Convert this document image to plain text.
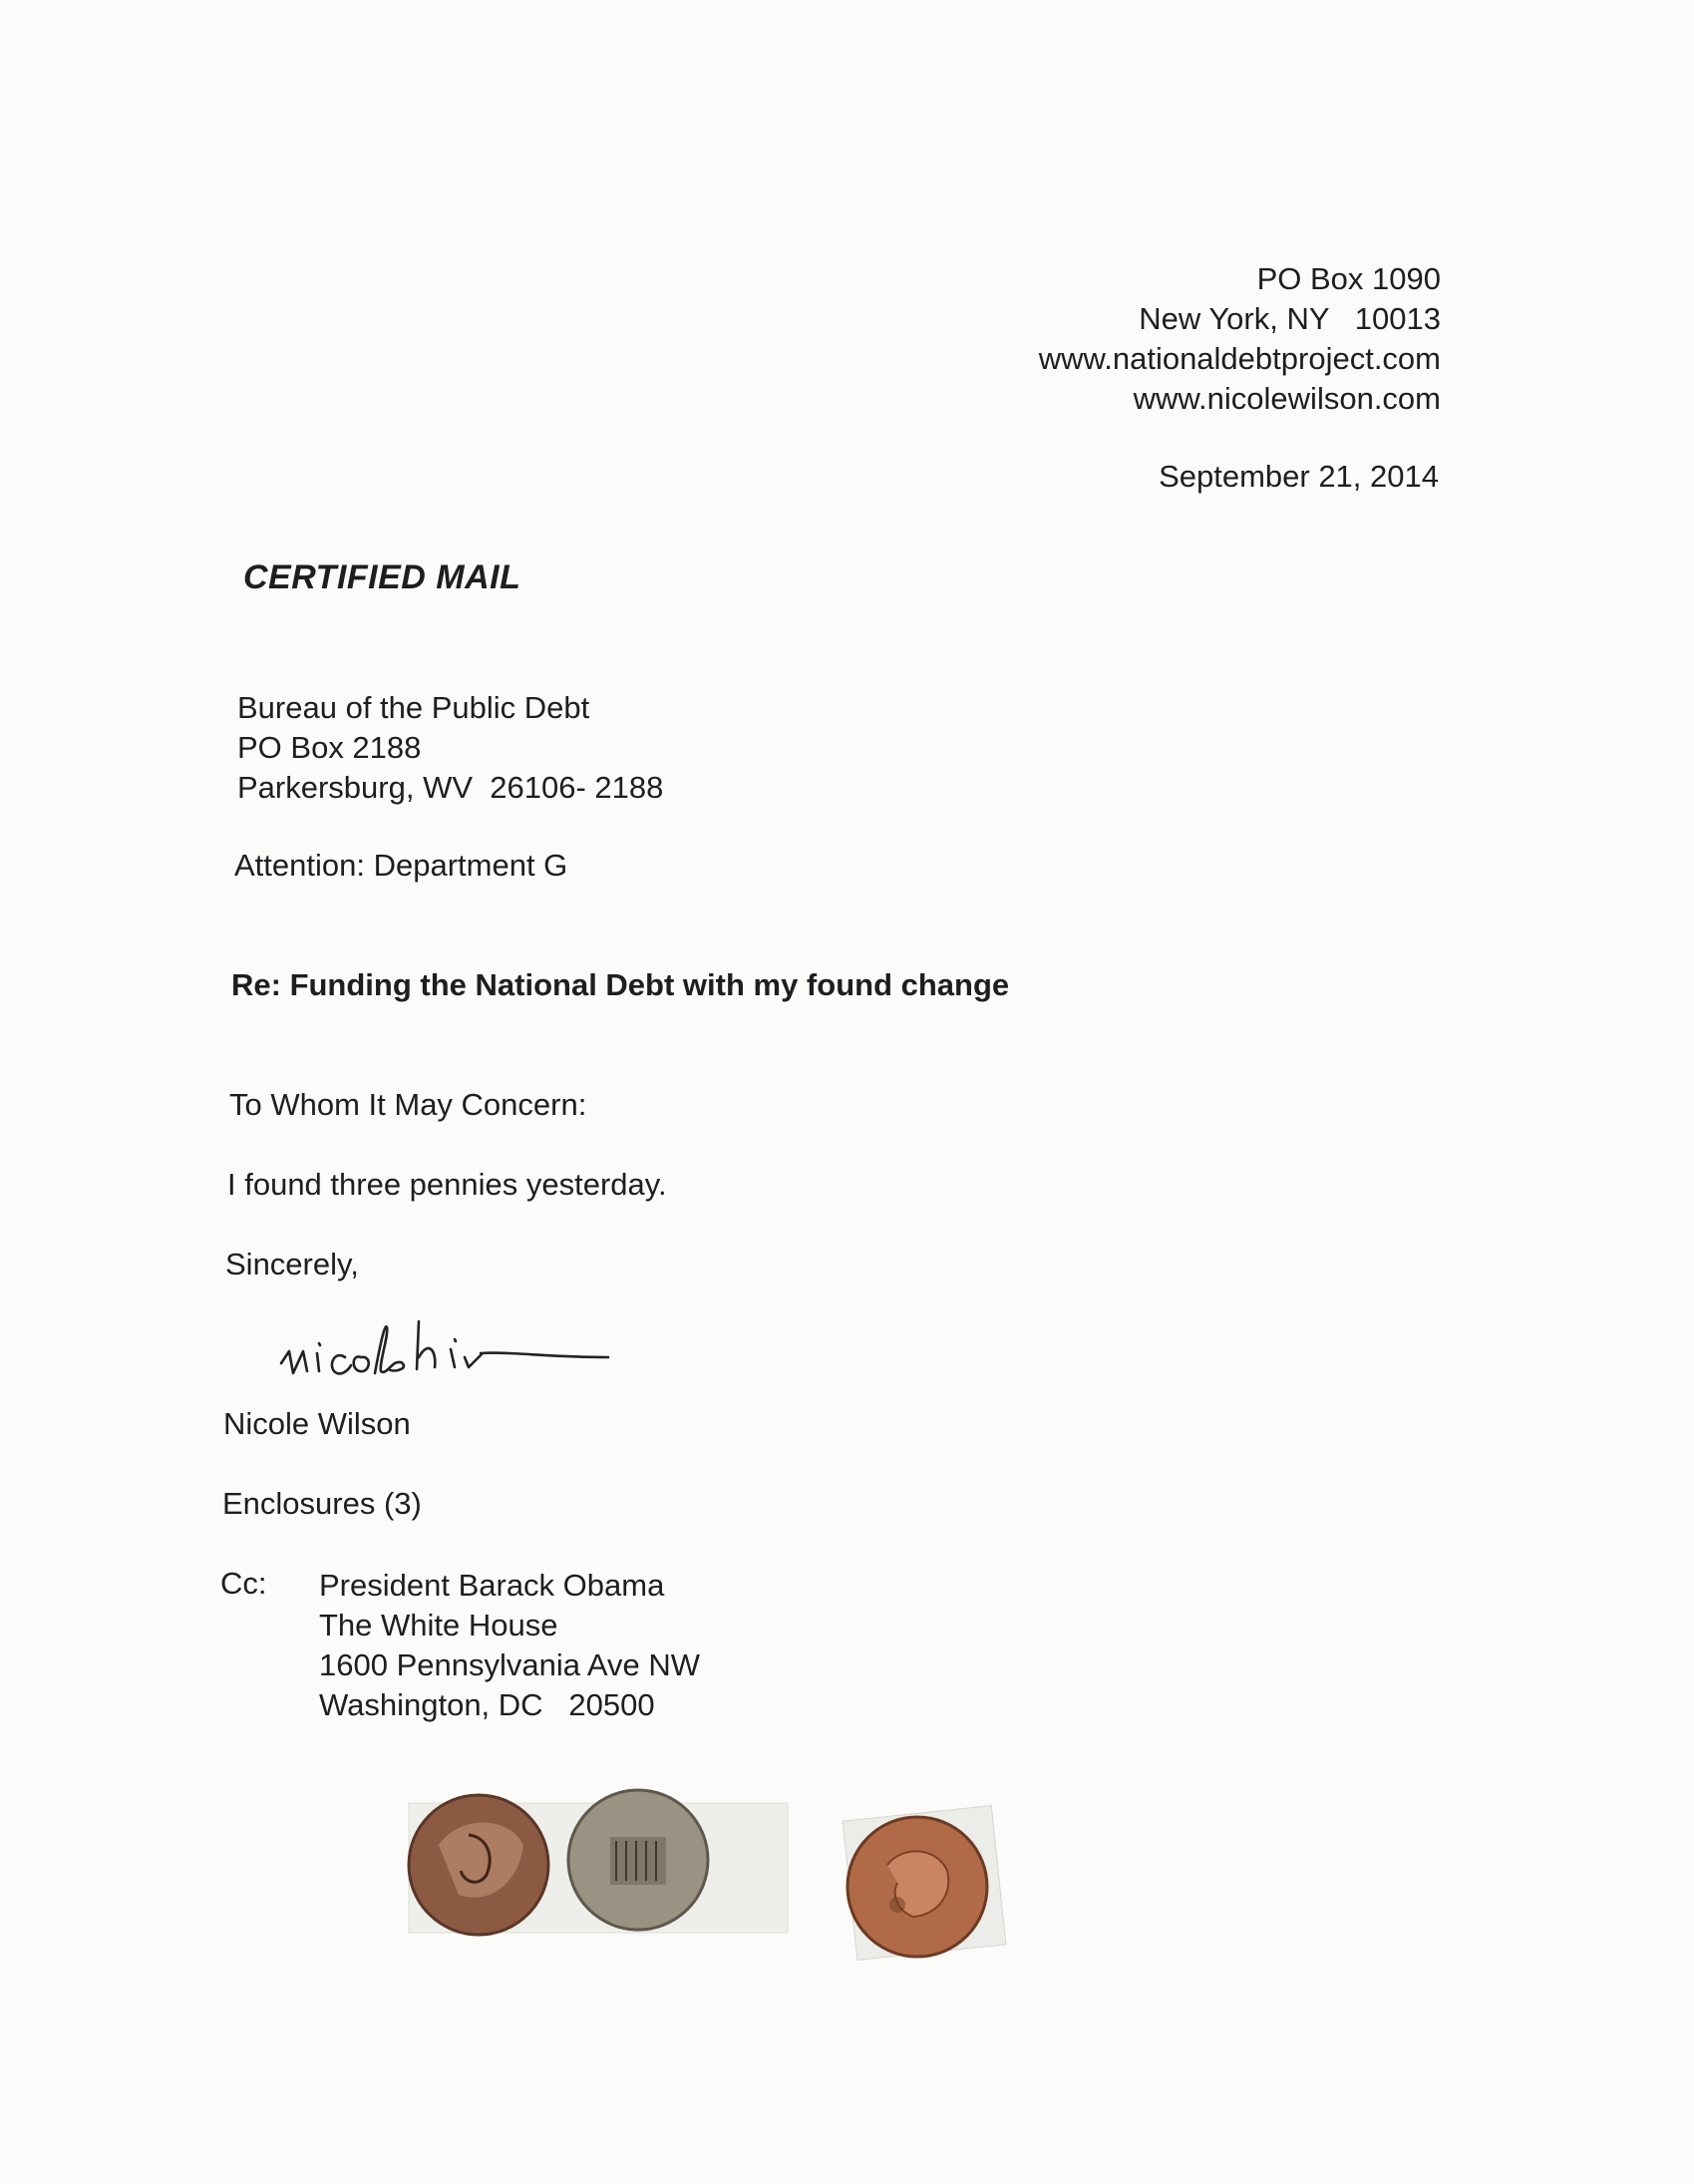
PO Box 1090
New York, NY   10013
www.nationaldebtproject.com
www.nicolewilson.com
September 21, 2014
CERTIFIED MAIL
Bureau of the Public Debt
PO Box 2188
Parkersburg, WV  26106- 2188
Attention: Department G
Re: Funding the National Debt with my found change
To Whom It May Concern:
I found three pennies yesterday.
Sincerely,
Nicole Wilson
Enclosures (3)
Cc: President Barack Obama
The White House
1600 Pennsylvania Ave NW
Washington, DC   20500
